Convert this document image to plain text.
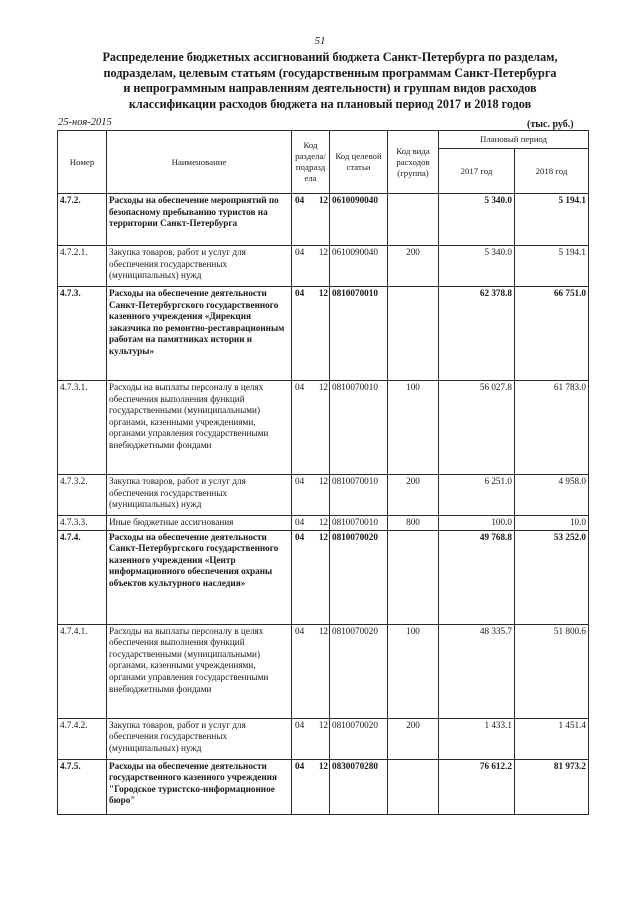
51
Распределение бюджетных ассигнований бюджета Санкт-Петербурга по разделам,
подразделам, целевым статьям (государственным программам Санкт-Петербурга
и непрограммным направлениям деятельности) и группам видов расходов
классификации расходов бюджета на плановый период 2017 и 2018 годов
25-ноя-2015	(тыс. руб.)
Номер	Наименование	Код раздела/ подразд ела	Код целевой статьи	Код вида расходов (группа)	Плановый период	
					2017 год	2018 год
4.7.2.	Расходы на обеспечение мероприятий по безопасному пребыванию туристов на территории Санкт-Петербурга	04 12	0610090040		5 340.0	5 194.1
4.7.2.1.	Закупка товаров, работ и услуг для обеспечения государственных (муниципальных) нужд	04 12	0610090040	200	5 340.0	5 194.1
4.7.3.	Расходы на обеспечение деятельности Санкт-Петербургского государственного казенного учреждения «Дирекция заказчика по ремонтно-реставрационным работам на памятниках истории и культуры»	04 12	0810070010		62 378.8	66 751.0
4.7.3.1.	Расходы на выплаты персоналу в целях обеспечения выполнения функций государственными (муниципальными) органами, казенными учреждениями, органами управления государственными внебюджетными фондами	04 12	0810070010	100	56 027.8	61 783.0
4.7.3.2.	Закупка товаров, работ и услуг для обеспечения государственных (муниципальных) нужд	04 12	0810070010	200	6 251.0	4 958.0
4.7.3.3.	Иные бюджетные ассигнования	04 12	0810070010	800	100.0	10.0
4.7.4.	Расходы на обеспечение деятельности Санкт-Петербургского государственного казенного учреждения «Центр информационного обеспечения охраны объектов культурного наследия»	04 12	0810070020		49 768.8	53 252.0
4.7.4.1.	Расходы на выплаты персоналу в целях обеспечения выполнения функций государственными (муниципальными) органами, казенными учреждениями, органами управления государственными внебюджетными фондами	04 12	0810070020	100	48 335.7	51 800.6
4.7.4.2.	Закупка товаров, работ и услуг для обеспечения государственных (муниципальных) нужд	04 12	0810070020	200	1 433.1	1 451.4
4.7.5.	Расходы на обеспечение деятельности государственного казенного учреждения "Городское туристско-информационное бюро"	04 12	0830070280		76 612.2	81 973.2
